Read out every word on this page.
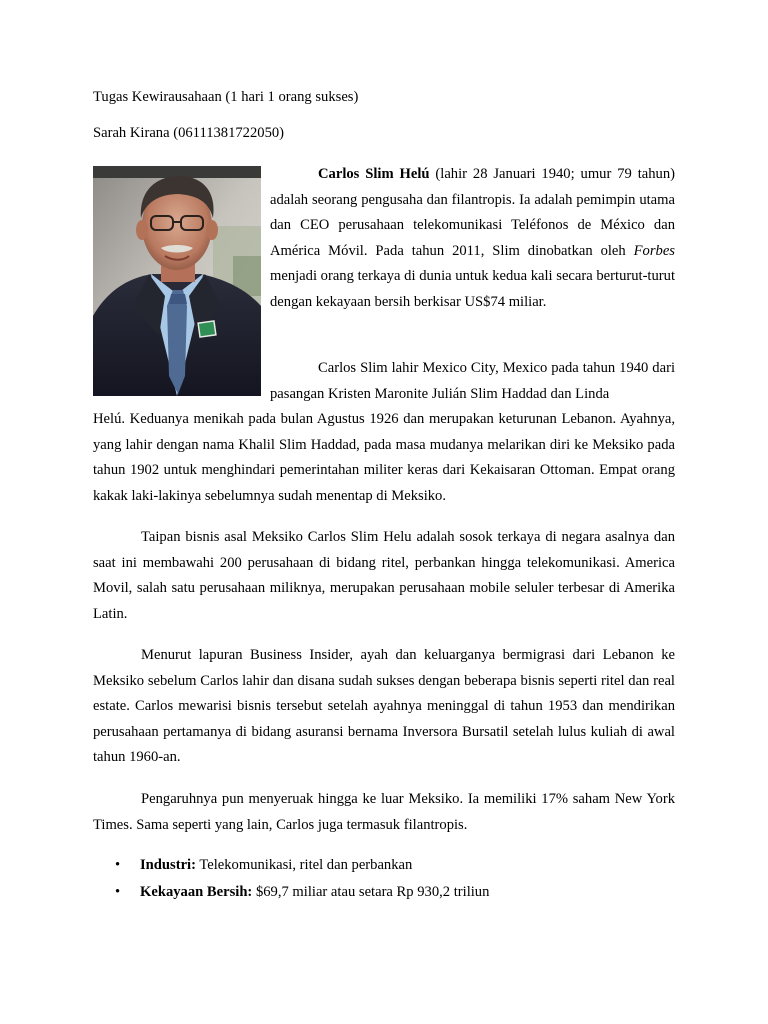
Tugas Kewirausahaan (1 hari 1 orang sukses)
Sarah Kirana (06111381722050)

Carlos Slim Helú (lahir 28 Januari 1940; umur 79 tahun) adalah seorang pengusaha dan filantropis. Ia adalah pemimpin utama dan CEO perusahaan telekomunikasi Teléfonos de México dan América Móvil. Pada tahun 2011, Slim dinobatkan oleh Forbes menjadi orang terkaya di dunia untuk kedua kali secara berturut-turut dengan kekayaan bersih berkisar US$74 miliar.

Carlos Slim lahir Mexico City, Mexico pada tahun 1940 dari pasangan Kristen Maronite Julián Slim Haddad dan Linda

Helú. Keduanya menikah pada bulan Agustus 1926 dan merupakan keturunan Lebanon. Ayahnya, yang lahir dengan nama Khalil Slim Haddad, pada masa mudanya melarikan diri ke Meksiko pada tahun 1902 untuk menghindari pemerintahan militer keras dari Kekaisaran Ottoman. Empat orang kakak laki-lakinya sebelumnya sudah menentap di Meksiko.

Taipan bisnis asal Meksiko Carlos Slim Helu adalah sosok terkaya di negara asalnya dan saat ini membawahi 200 perusahaan di bidang ritel, perbankan hingga telekomunikasi. America Movil, salah satu perusahaan miliknya, merupakan perusahaan mobile seluler terbesar di Amerika Latin.

Menurut lapuran Business Insider, ayah dan keluarganya bermigrasi dari Lebanon ke Meksiko sebelum Carlos lahir dan disana sudah sukses dengan beberapa bisnis seperti ritel dan real estate. Carlos mewarisi bisnis tersebut setelah ayahnya meninggal di tahun 1953 dan mendirikan perusahaan pertamanya di bidang asuransi bernama Inversora Bursatil setelah lulus kuliah di awal tahun 1960-an.

Pengaruhnya pun menyeruak hingga ke luar Meksiko. Ia memiliki 17% saham New York Times. Sama seperti yang lain, Carlos juga termasuk filantropis.

• Industri: Telekomunikasi, ritel dan perbankan
• Kekayaan Bersih: $69,7 miliar atau setara Rp 930,2 triliun
